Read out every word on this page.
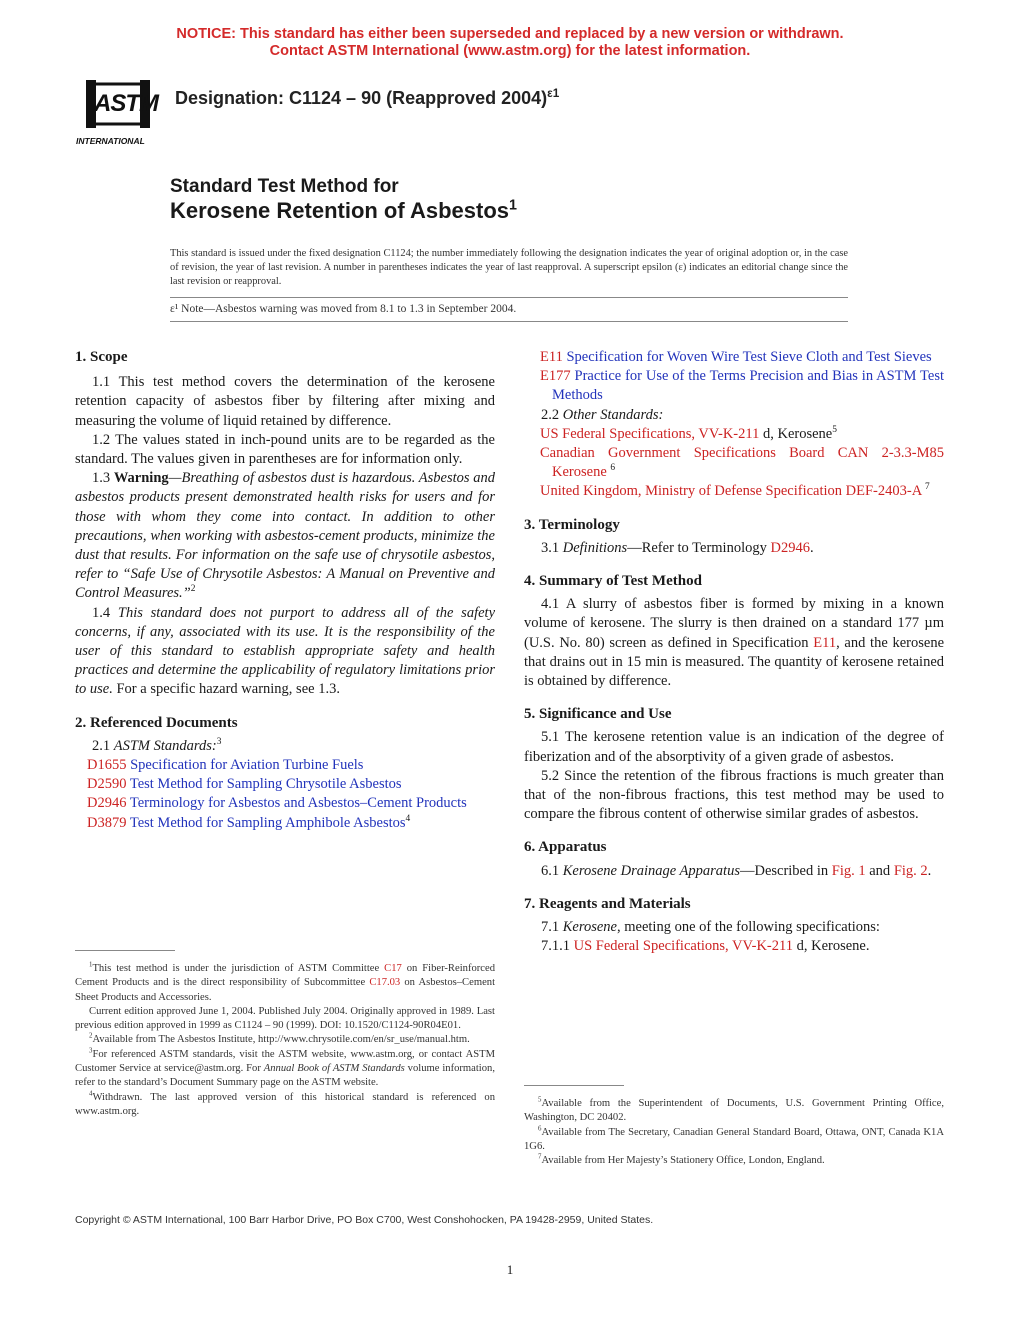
NOTICE: This standard has either been superseded and replaced by a new version or withdrawn.
Contact ASTM International (www.astm.org) for the latest information.
ASTM
INTERNATIONAL
Designation: C1124 – 90 (Reapproved 2004)$^{\varepsilon 1}$
Standard Test Method for
Kerosene Retention of Asbestos$^1$
This standard is issued under the fixed designation C1124; the number immediately following the designation indicates the year of original adoption or, in the case of revision, the year of last revision. A number in parentheses indicates the year of last reapproval. A superscript epsilon (ε) indicates an editorial change since the last revision or reapproval.
ε¹ Note—Asbestos warning was moved from 8.1 to 1.3 in September 2004.

1. Scope

1.1 This test method covers the determination of the kerosene retention capacity of asbestos fiber by filtering after mixing and measuring the volume of liquid retained by difference.

1.2 The values stated in inch-pound units are to be regarded as the standard. The values given in parentheses are for information only.

1.3 Warning—Breathing of asbestos dust is hazardous. Asbestos and asbestos products present demonstrated health risks for users and for those with whom they come into contact. In addition to other precautions, when working with asbestos-cement products, minimize the dust that results. For information on the safe use of chrysotile asbestos, refer to “Safe Use of Chrysotile Asbestos: A Manual on Preventive and Control Measures.”$^2$

1.4 This standard does not purport to address all of the safety concerns, if any, associated with its use. It is the responsibility of the user of this standard to establish appropriate safety and health practices and determine the applicability of regulatory limitations prior to use. For a specific hazard warning, see 1.3.

2. Referenced Documents

2.1 ASTM Standards:$^3$

D1655 Specification for Aviation Turbine Fuels

D2590 Test Method for Sampling Chrysotile Asbestos

D2946 Terminology for Asbestos and Asbestos–Cement Products

D3879 Test Method for Sampling Amphibole Asbestos$^4$

$^1$This test method is under the jurisdiction of ASTM Committee C17 on Fiber-Reinforced Cement Products and is the direct responsibility of Subcommittee C17.03 on Asbestos–Cement Sheet Products and Accessories.

Current edition approved June 1, 2004. Published July 2004. Originally approved in 1989. Last previous edition approved in 1999 as C1124 – 90 (1999). DOI: 10.1520/C1124-90R04E01.

$^2$Available from The Asbestos Institute, http://www.chrysotile.com/en/sr_use/manual.htm.

$^3$For referenced ASTM standards, visit the ASTM website, www.astm.org, or contact ASTM Customer Service at service@astm.org. For Annual Book of ASTM Standards volume information, refer to the standard’s Document Summary page on the ASTM website.

$^4$Withdrawn. The last approved version of this historical standard is referenced on www.astm.org.

E11 Specification for Woven Wire Test Sieve Cloth and Test Sieves

E177 Practice for Use of the Terms Precision and Bias in ASTM Test Methods

2.2 Other Standards:

US Federal Specifications, VV-K-211 d, Kerosene$^5$

Canadian Government Specifications Board CAN 2-3.3-M85 Kerosene $^6$

United Kingdom, Ministry of Defense Specification DEF-2403-A $^7$

3. Terminology

3.1 Definitions—Refer to Terminology D2946.

4. Summary of Test Method

4.1 A slurry of asbestos fiber is formed by mixing in a known volume of kerosene. The slurry is then drained on a standard 177 µm (U.S. No. 80) screen as defined in Specification E11, and the kerosene that drains out in 15 min is measured. The quantity of kerosene retained is obtained by difference.

5. Significance and Use

5.1 The kerosene retention value is an indication of the degree of fiberization and of the absorptivity of a given grade of asbestos.

5.2 Since the retention of the fibrous fractions is much greater than that of the non-fibrous fractions, this test method may be used to compare the fibrous content of otherwise similar grades of asbestos.

6. Apparatus

6.1 Kerosene Drainage Apparatus—Described in Fig. 1 and Fig. 2.

7. Reagents and Materials

7.1 Kerosene, meeting one of the following specifications:

7.1.1 US Federal Specifications, VV-K-211 d, Kerosene.

$^5$Available from the Superintendent of Documents, U.S. Government Printing Office, Washington, DC 20402.

$^6$Available from The Secretary, Canadian General Standard Board, Ottawa, ONT, Canada K1A 1G6.

$^7$Available from Her Majesty’s Stationery Office, London, England.

Copyright © ASTM International, 100 Barr Harbor Drive, PO Box C700, West Conshohocken, PA 19428-2959, United States.
1
